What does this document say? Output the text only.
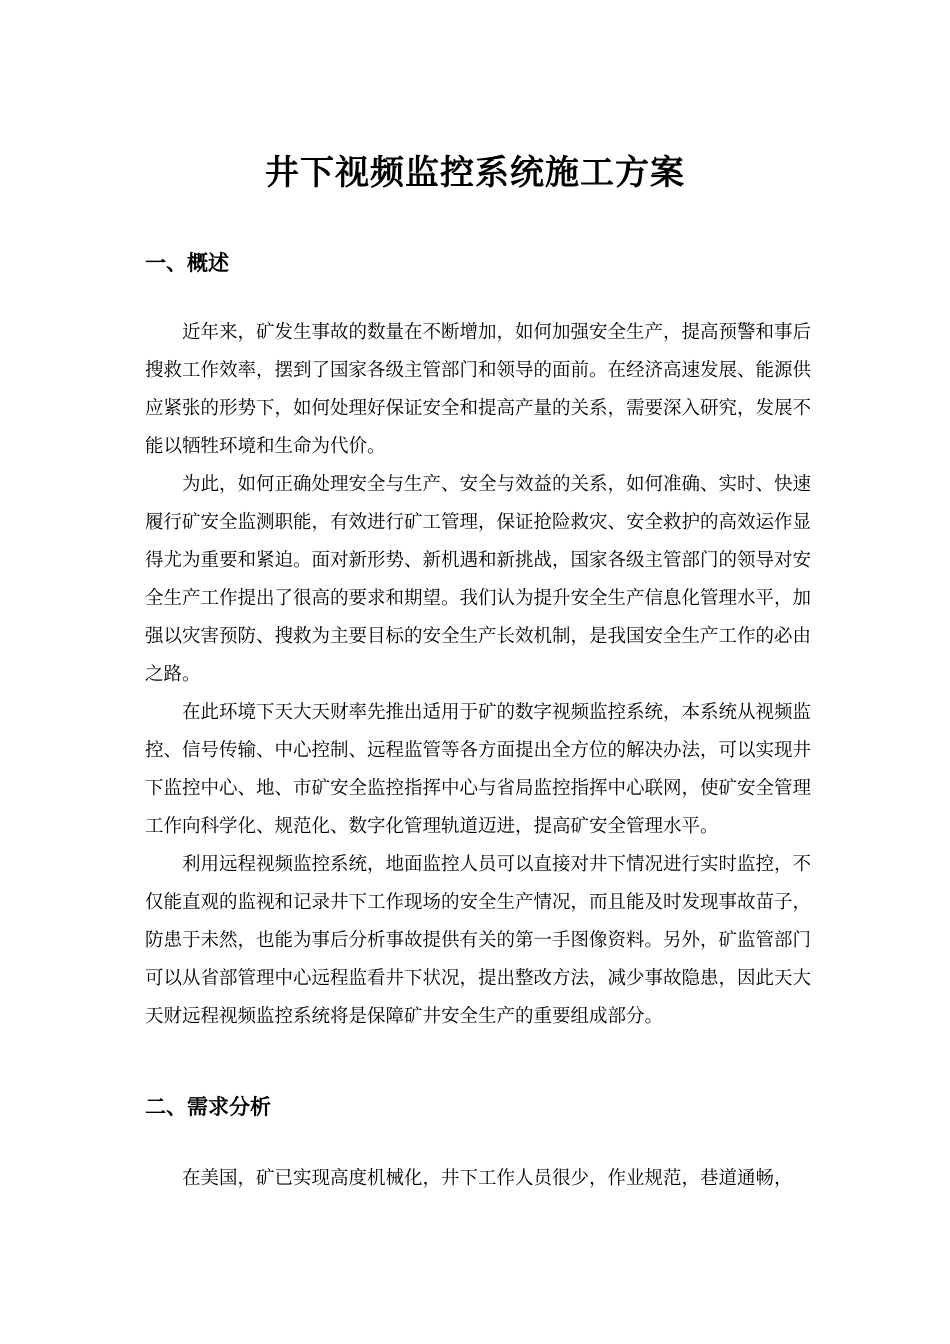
井下视频监控系统施工方案
一、概述

近年来，矿发生事故的数量在不断增加，如何加强安全生产，提高预警和事后搜救工作效率，摆到了国家各级主管部门和领导的面前。在经济高速发展、能源供应紧张的形势下，如何处理好保证安全和提高产量的关系，需要深入研究，发展不能以牺牲环境和生命为代价。

为此，如何正确处理安全与生产、安全与效益的关系，如何准确、实时、快速履行矿安全监测职能，有效进行矿工管理，保证抢险救灾、安全救护的高效运作显得尤为重要和紧迫。面对新形势、新机遇和新挑战，国家各级主管部门的领导对安全生产工作提出了很高的要求和期望。我们认为提升安全生产信息化管理水平，加强以灾害预防、搜救为主要目标的安全生产长效机制，是我国安全生产工作的必由之路。

在此环境下天大天财率先推出适用于矿的数字视频监控系统，本系统从视频监控、信号传输、中心控制、远程监管等各方面提出全方位的解决办法，可以实现井下监控中心、地、市矿安全监控指挥中心与省局监控指挥中心联网，使矿安全管理工作向科学化、规范化、数字化管理轨道迈进，提高矿安全管理水平。

利用远程视频监控系统，地面监控人员可以直接对井下情况进行实时监控，不仅能直观的监视和记录井下工作现场的安全生产情况，而且能及时发现事故苗子，防患于未然，也能为事后分析事故提供有关的第一手图像资料。另外，矿监管部门可以从省部管理中心远程监看井下状况，提出整改方法，减少事故隐患，因此天大天财远程视频监控系统将是保障矿井安全生产的重要组成部分。

二、需求分析

在美国，矿已实现高度机械化，井下工作人员很少，作业规范，巷道通畅，
